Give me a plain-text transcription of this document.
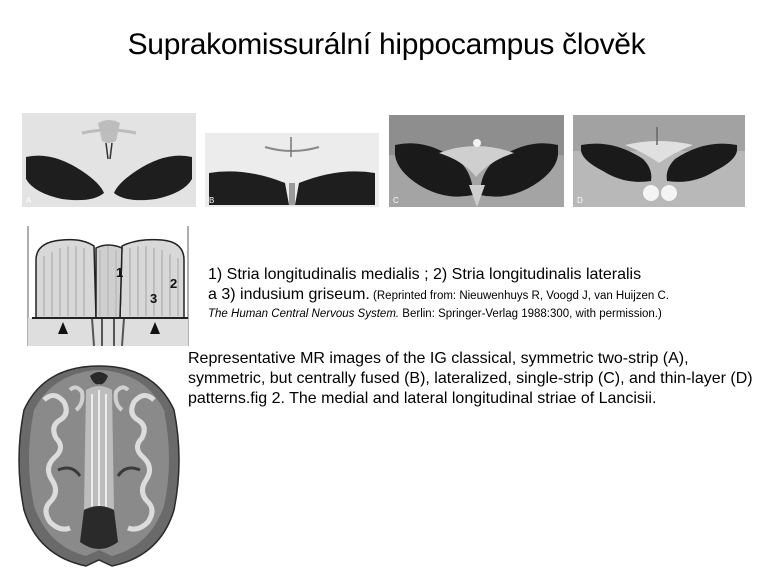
Suprakomissurální hippocampus člověk
A	B	C	D
1
2
3
1) Stria longitudinalis medialis ; 2) Stria longitudinalis lateralis
a 3) indusium griseum. (Reprinted from: Nieuwenhuys R, Voogd J, van Huijzen C.
The Human Central Nervous System. Berlin: Springer-Verlag 1988:300, with permission.)

Representative MR images of the IG classical, symmetric two-strip (A), symmetric, but centrally fused (B), lateralized, single-strip (C), and thin-layer (D) patterns.fig 2. The medial and lateral longitudinal striae of Lancisii.
